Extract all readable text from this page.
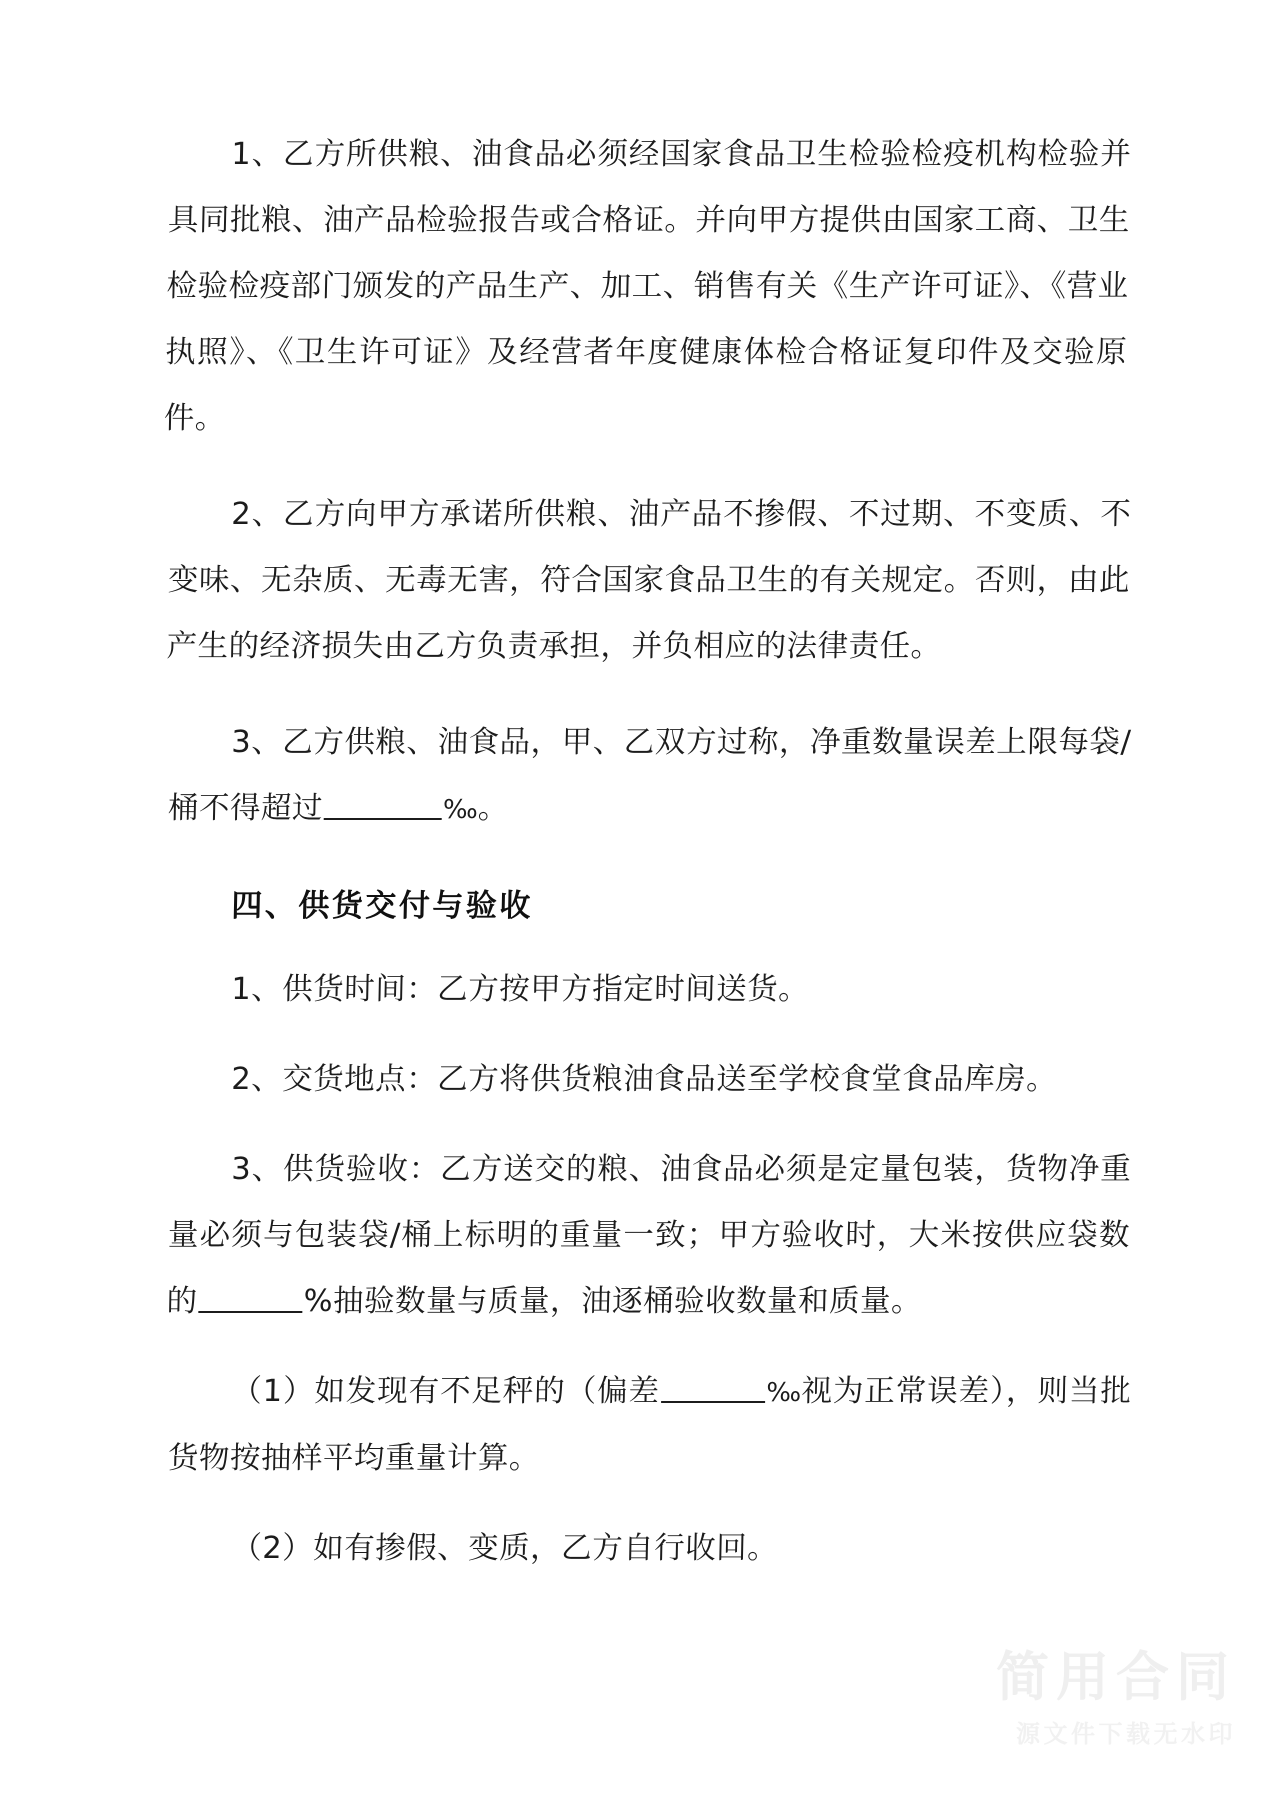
1、乙方所供粮、油食品必须经国家食品卫生检验检疫机构检验并具同批粮、油产品检验报告或合格证。并向甲方提供由国家工商、卫生检验检疫部门颁发的产品生产、加工、销售有关《生产许可证》、《营业执照》、《卫生许可证》及经营者年度健康体检合格证复印件及交验原件。

2、乙方向甲方承诺所供粮、油产品不掺假、不过期、不变质、不变味、无杂质、无毒无害，符合国家食品卫生的有关规定。否则，由此产生的经济损失由乙方负责承担，并负相应的法律责任。

3、乙方供粮、油食品，甲、乙双方过称，净重数量误差上限每袋/桶不得超过	‰。

四、供货交付与验收

1、供货时间：乙方按甲方指定时间送货。

2、交货地点：乙方将供货粮油食品送至学校食堂食品库房。

3、供货验收：乙方送交的粮、油食品必须是定量包装，货物净重量必须与包装袋/桶上标明的重量一致；甲方验收时，大米按供应袋数的	%抽验数量与质量，油逐桶验收数量和质量。

（1）如发现有不足秤的（偏差	‰视为正常误差），则当批货物按抽样平均重量计算。

（2）如有掺假、变质，乙方自行收回。

简用合同
源文件下载无水印
